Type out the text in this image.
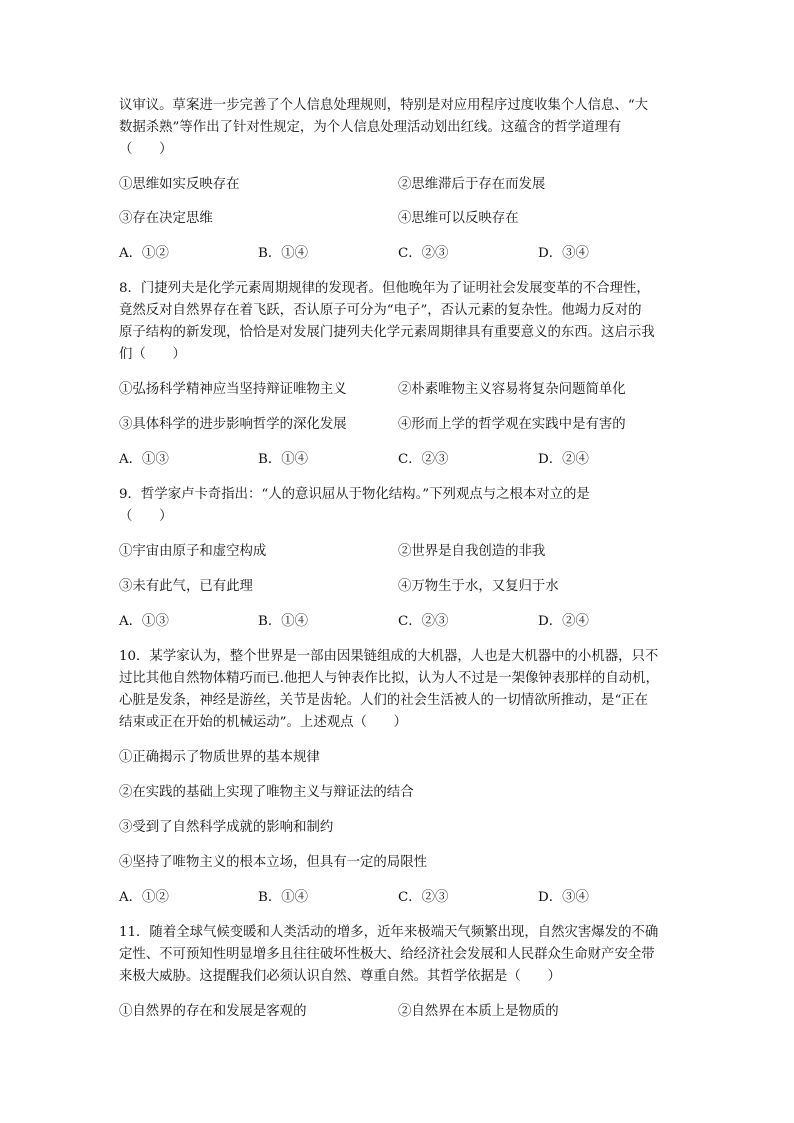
议审议。草案进一步完善了个人信息处理规则，特别是对应用程序过度收集个人信息、“大

数据杀熟”等作出了针对性规定，为个人信息处理活动划出红线。这蕴含的哲学道理有

（　　）

①思维如实反映存在	②思维滞后于存在而发展

③存在决定思维	④思维可以反映存在

A．①②	B．①④	C．②③	D．③④

8．门捷列夫是化学元素周期规律的发现者。但他晚年为了证明社会发展变革的不合理性，

竟然反对自然界存在着飞跃，否认原子可分为“电子”，否认元素的复杂性。他竭力反对的

原子结构的新发现，恰恰是对发展门捷列夫化学元素周期律具有重要意义的东西。这启示我

们（　　）

①弘扬科学精神应当坚持辩证唯物主义	②朴素唯物主义容易将复杂问题简单化

③具体科学的进步影响哲学的深化发展	④形而上学的哲学观在实践中是有害的

A．①③	B．①④	C．②③	D．②④

9．哲学家卢卡奇指出：“人的意识屈从于物化结构。”下列观点与之根本对立的是

（　　）

①宇宙由原子和虚空构成	②世界是自我创造的非我

③未有此气，已有此理	④万物生于水，又复归于水

A．①③	B．①④	C．②③	D．②④

10．某学家认为，整个世界是一部由因果链组成的大机器，人也是大机器中的小机器，只不

过比其他自然物体精巧而已.他把人与钟表作比拟，认为人不过是一架像钟表那样的自动机，

心脏是发条，神经是游丝，关节是齿轮。人们的社会生活被人的一切情欲所推动，是“正在

结束或正在开始的机械运动”。上述观点（　　）

①正确揭示了物质世界的基本规律

②在实践的基础上实现了唯物主义与辩证法的结合

③受到了自然科学成就的影响和制约

④坚持了唯物主义的根本立场，但具有一定的局限性

A．①②	B．①④	C．②③	D．③④

11．随着全球气候变暖和人类活动的增多，近年来极端天气频繁出现，自然灾害爆发的不确

定性、不可预知性明显增多且往往破坏性极大、给经济社会发展和人民群众生命财产安全带

来极大威胁。这提醒我们必须认识自然、尊重自然。其哲学依据是（　　）

①自然界的存在和发展是客观的	②自然界在本质上是物质的
